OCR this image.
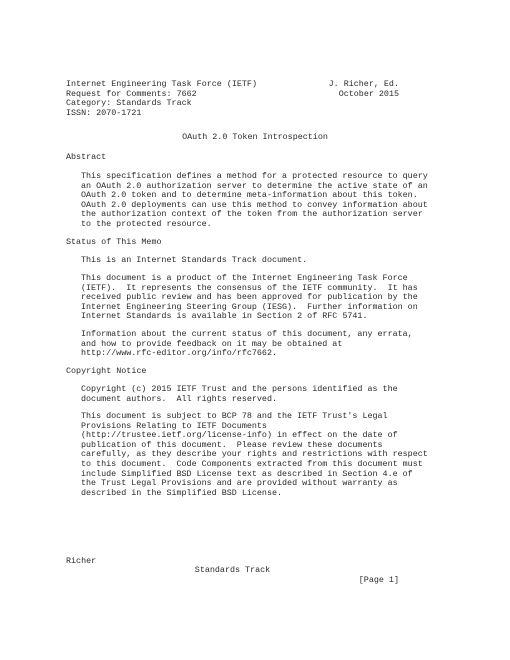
Internet Engineering Task Force (IETF)	J. Richer, Ed.
Request for Comments: 7662	October 2015
Category: Standards Track
ISSN: 2070-1721
OAuth 2.0 Token Introspection
Abstract
This specification defines a method for a protected resource to query
an OAuth 2.0 authorization server to determine the active state of an
OAuth 2.0 token and to determine meta-information about this token.
OAuth 2.0 deployments can use this method to convey information about
the authorization context of the token from the authorization server
to the protected resource.
Status of This Memo
This is an Internet Standards Track document.
This document is a product of the Internet Engineering Task Force
(IETF).  It represents the consensus of the IETF community.  It has
received public review and has been approved for publication by the
Internet Engineering Steering Group (IESG).  Further information on
Internet Standards is available in Section 2 of RFC 5741.
Information about the current status of this document, any errata,
and how to provide feedback on it may be obtained at
http://www.rfc-editor.org/info/rfc7662.
Copyright Notice
Copyright (c) 2015 IETF Trust and the persons identified as the
document authors.  All rights reserved.
This document is subject to BCP 78 and the IETF Trust's Legal
Provisions Relating to IETF Documents
(http://trustee.ietf.org/license-info) in effect on the date of
publication of this document.  Please review these documents
carefully, as they describe your rights and restrictions with respect
to this document.  Code Components extracted from this document must
include Simplified BSD License text as described in Section 4.e of
the Trust Legal Provisions and are provided without warranty as
described in the Simplified BSD License.

Richer

Standards Track

[Page 1]
